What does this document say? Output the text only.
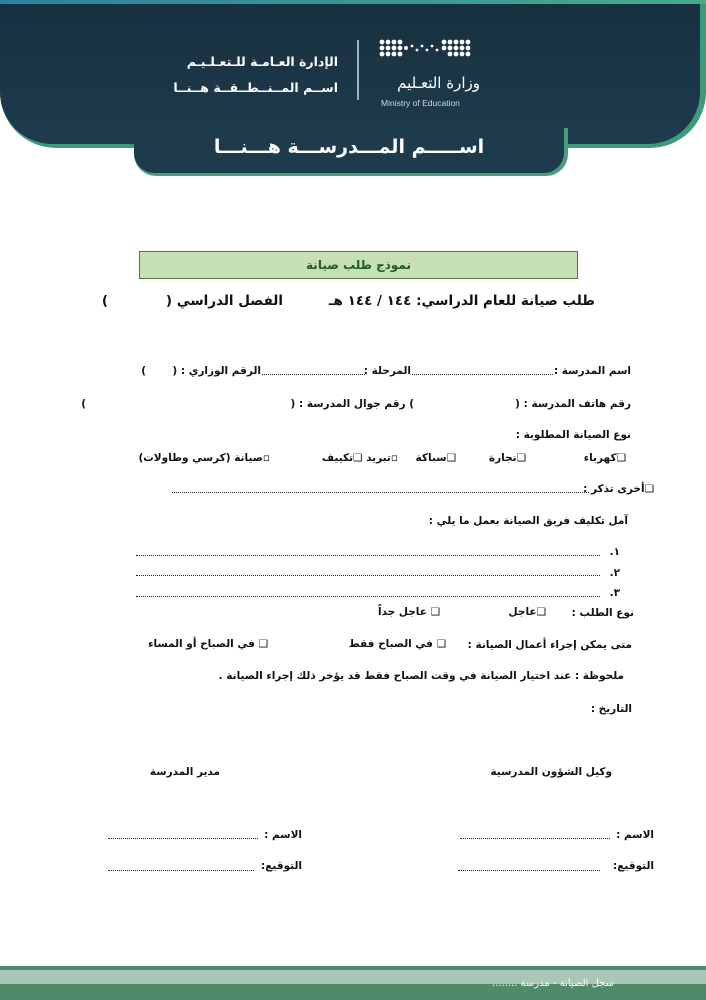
الإدارة العـامـة للـتعـلـيـم
اســم المــنــطــقــة هــنــا	وزارة التعـليم
Ministry of Education
اســـــم المـــدرســـة هـــنـــا
نموذج طلب صيانة
طلب صيانة للعام الدراسي: ١٤٤ / ١٤٤ هـ
الفصل الدراسي (
)
اسم المدرسة :
المرحلة :
الرقم الوزاري : (
)
رقم هاتف المدرسة : (
) رقم جوال المدرسة : (
)
نوع الصيانة المطلوبة :
❑كهرباء
❑نجارة
❑سباكة
▫تبريد ❑تكييف
▫صيانة (كرسي وطاولات)
❑أخرى تذكر :
آمل تكليف فريق الصيانة بعمل ما يلي :
١.
٢.
٣.
نوع الطلب :
❑عاجل
❑ عاجل جداً
متى يمكن إجراء أعمال الصيانة :
❑ في الصباح فقط
❑ في الصباح أو المساء
ملحوظة : عند اختيار الصيانة في وقت الصباح فقط قد يؤخر ذلك إجراء الصيانة .
التاريخ :
وكيل الشؤون المدرسية
مدير المدرسة
الاسم :
الاسم :
التوقيع:
التوقيع:
سجل الصيانة - مدرسة ........
